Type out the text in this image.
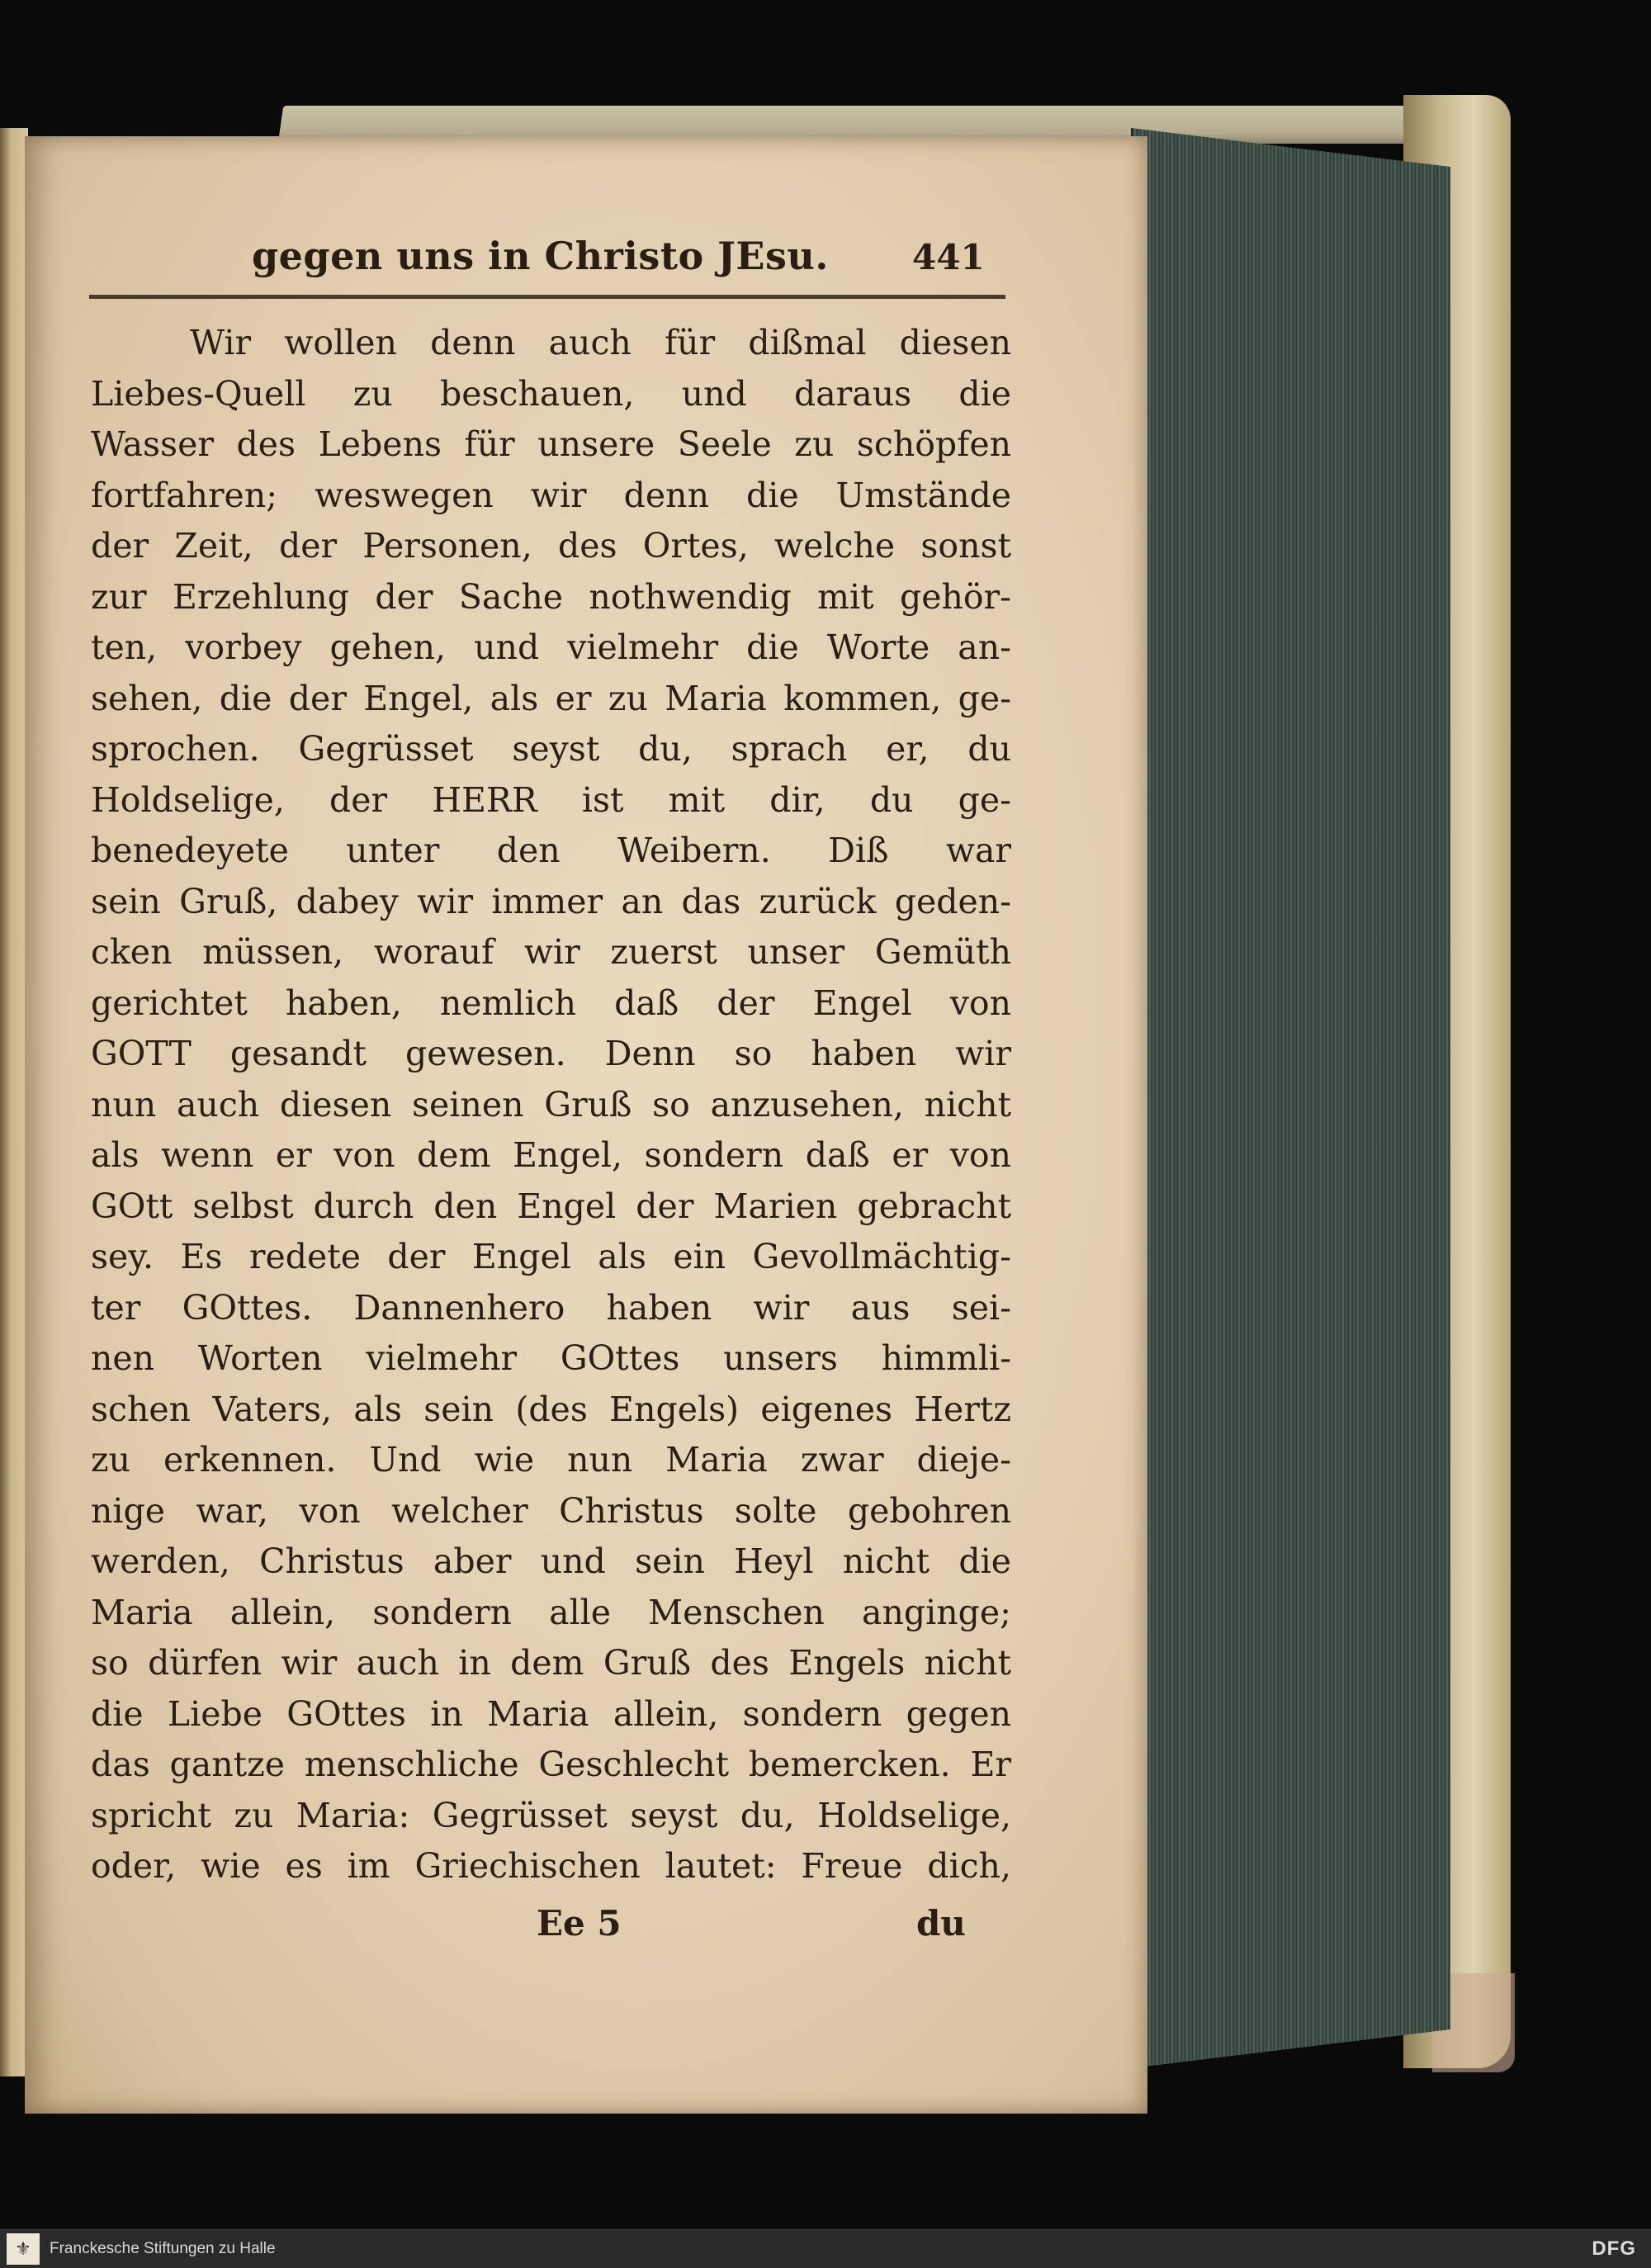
gegen uns in Christo JEsu. 441
Wir wollen denn auch für dißmal diesen
Liebes-Quell zu beschauen, und daraus die
Wasser des Lebens für unsere Seele zu schöpfen
fortfahren; weswegen wir denn die Umstände
der Zeit, der Personen, des Ortes, welche sonst
zur Erzehlung der Sache nothwendig mit gehör-
ten, vorbey gehen, und vielmehr die Worte an-
sehen, die der Engel, als er zu Maria kommen, ge-
sprochen. Gegrüsset seyst du, sprach er, du
Holdselige, der HERR ist mit dir, du ge-
benedeyete unter den Weibern. Diß war
sein Gruß, dabey wir immer an das zurück geden-
cken müssen, worauf wir zuerst unser Gemüth
gerichtet haben, nemlich daß der Engel von
GOTT gesandt gewesen. Denn so haben wir
nun auch diesen seinen Gruß so anzusehen, nicht
als wenn er von dem Engel, sondern daß er von
GOtt selbst durch den Engel der Marien gebracht
sey. Es redete der Engel als ein Gevollmächtig-
ter GOttes. Dannenhero haben wir aus sei-
nen Worten vielmehr GOttes unsers himmli-
schen Vaters, als sein (des Engels) eigenes Hertz
zu erkennen. Und wie nun Maria zwar dieje-
nige war, von welcher Christus solte gebohren
werden, Christus aber und sein Heyl nicht die
Maria allein, sondern alle Menschen anginge;
so dürfen wir auch in dem Gruß des Engels nicht
die Liebe GOttes in Maria allein, sondern gegen
das gantze menschliche Geschlecht bemercken. Er
spricht zu Maria: Gegrüsset seyst du, Holdselige,
oder, wie es im Griechischen lautet: Freue dich,
Ee 5	du
⚜	Franckesche Stiftungen zu Halle	DFG
